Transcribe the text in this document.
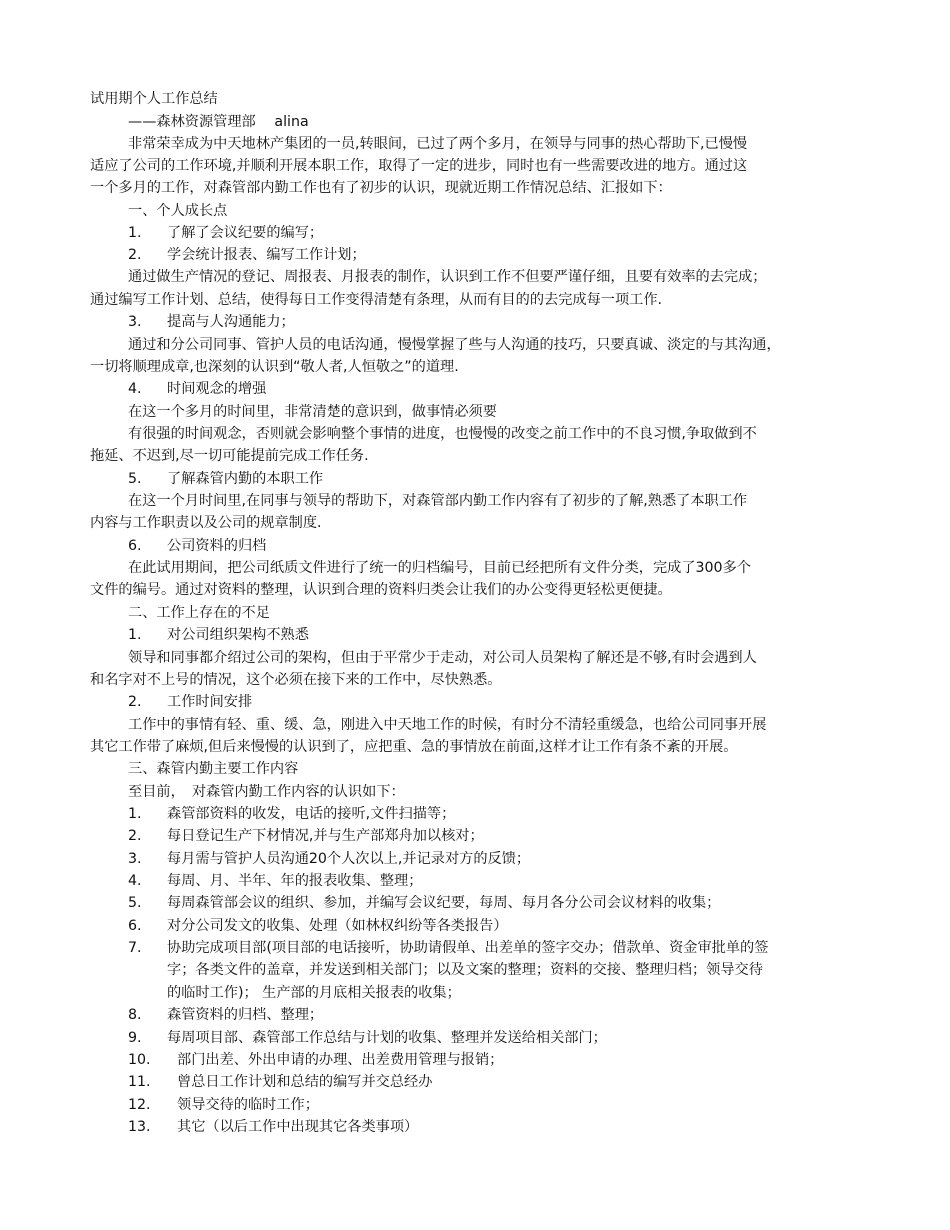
试用期个人工作总结
——森林资源管理部　 alina
非常荣幸成为中天地林产集团的一员,转眼间，已过了两个多月，在领导与同事的热心帮助下,已慢慢
适应了公司的工作环境,并顺利开展本职工作，取得了一定的进步，同时也有一些需要改进的地方。通过这
一个多月的工作，对森管部内勤工作也有了初步的认识，现就近期工作情况总结、汇报如下：
一、个人成长点
1. 了解了会议纪要的编写；
2. 学会统计报表、编写工作计划；
通过做生产情况的登记、周报表、月报表的制作，认识到工作不但要严谨仔细，且要有效率的去完成；
通过编写工作计划、总结，使得每日工作变得清楚有条理，从而有目的的去完成每一项工作.
3. 提高与人沟通能力；
通过和分公司同事、管护人员的电话沟通，慢慢掌握了些与人沟通的技巧，只要真诚、淡定的与其沟通，
一切将顺理成章,也深刻的认识到“敬人者,人恒敬之”的道理.
4. 时间观念的增强
在这一个多月的时间里，非常清楚的意识到，做事情必须要
有很强的时间观念，否则就会影响整个事情的进度，也慢慢的改变之前工作中的不良习惯,争取做到不
拖延、不迟到,尽一切可能提前完成工作任务.
5. 了解森管内勤的本职工作
在这一个月时间里,在同事与领导的帮助下，对森管部内勤工作内容有了初步的了解,熟悉了本职工作
内容与工作职责以及公司的规章制度.
6. 公司资料的归档
在此试用期间，把公司纸质文件进行了统一的归档编号，目前已经把所有文件分类，完成了300多个
文件的编号。通过对资料的整理，认识到合理的资料归类会让我们的办公变得更轻松更便捷。
二、工作上存在的不足
1. 对公司组织架构不熟悉
领导和同事都介绍过公司的架构，但由于平常少于走动，对公司人员架构了解还是不够,有时会遇到人
和名字对不上号的情况，这个必须在接下来的工作中，尽快熟悉。
2. 工作时间安排
工作中的事情有轻、重、缓、急，刚进入中天地工作的时候，有时分不清轻重缓急，也给公司同事开展
其它工作带了麻烦,但后来慢慢的认识到了，应把重、急的事情放在前面,这样才让工作有条不紊的开展。
三、森管内勤主要工作内容
至目前，　对森管内勤工作内容的认识如下：
1. 森管部资料的收发，电话的接听,文件扫描等；
2. 每日登记生产下材情况,并与生产部郑舟加以核对；
3. 每月需与管护人员沟通20个人次以上,并记录对方的反馈；
4. 每周、月、半年、年的报表收集、整理；
5. 每周森管部会议的组织、参加，并编写会议纪要，每周、每月各分公司会议材料的收集；
6. 对分公司发文的收集、处理（如林权纠纷等各类报告）
7. 协助完成项目部(项目部的电话接听，协助请假单、出差单的签字交办；借款单、资金审批单的签
字；各类文件的盖章，并发送到相关部门；以及文案的整理；资料的交接、整理归档；领导交待
的临时工作)； 生产部的月底相关报表的收集；
8. 森管资料的归档、整理；
9. 每周项目部、森管部工作总结与计划的收集、整理并发送给相关部门；
10. 部门出差、外出申请的办理、出差费用管理与报销；
11. 曾总日工作计划和总结的编写并交总经办
12. 领导交待的临时工作；
13. 其它（以后工作中出现其它各类事项）
